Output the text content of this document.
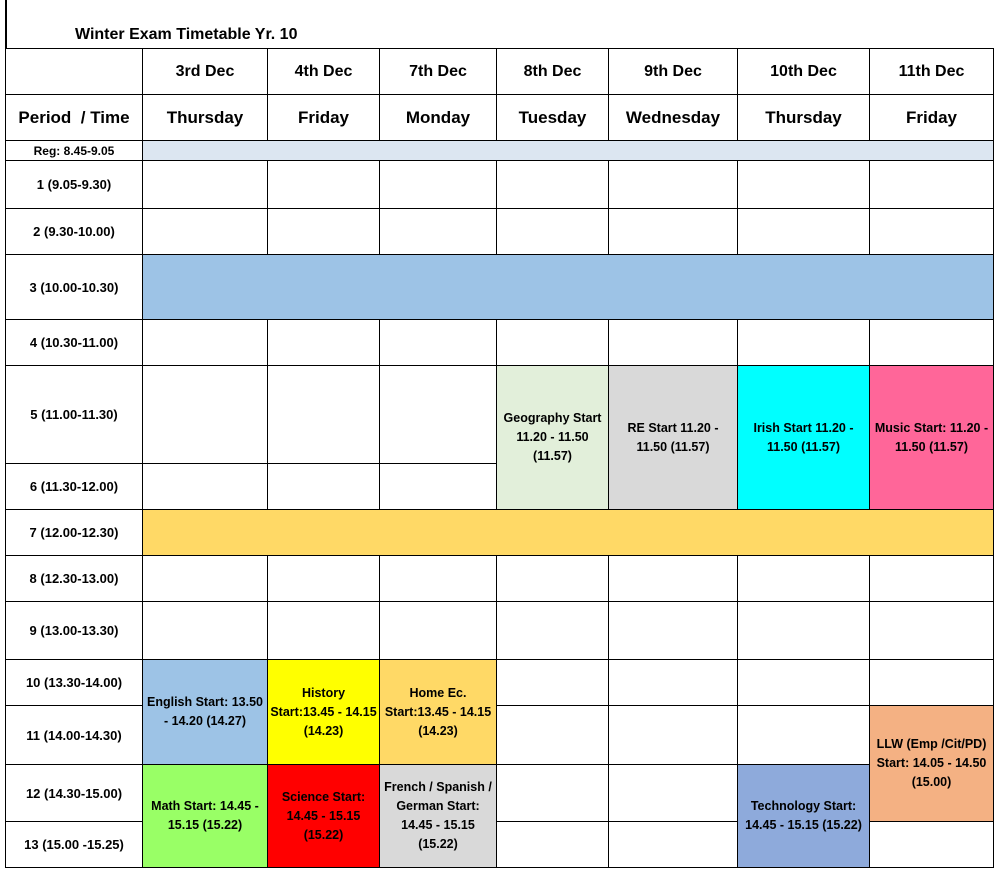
Winter Exam Timetable Yr. 10
	3rd Dec	4th Dec	7th Dec	8th Dec	9th Dec	10th Dec	11th Dec
Period  / Time	Thursday	Friday	Monday	Tuesday	Wednesday	Thursday	Friday
Reg: 8.45-9.05							
1 (9.05-9.30)							
2 (9.30-10.00)							
3 (10.00-10.30)							
4 (10.30-11.00)							
5 (11.00-11.30)				Geography Start 11.20 - 11.50 (11.57)	RE Start 11.20 - 11.50 (11.57)	Irish Start 11.20 - 11.50 (11.57)	Music Start: 11.20 - 11.50 (11.57)
6 (11.30-12.00)							
7 (12.00-12.30)							
8 (12.30-13.00)							
9 (13.00-13.30)							
10 (13.30-14.00)	English Start: 13.50 - 14.20 (14.27)	History Start:13.45 - 14.15 (14.23)	Home Ec. Start:13.45 - 14.15 (14.23)				
11 (14.00-14.30)							LLW (Emp /Cit/PD) Start: 14.05 - 14.50 (15.00)
12 (14.30-15.00)	Math Start: 14.45 - 15.15 (15.22)	Science Start: 14.45 - 15.15 (15.22)	French / Spanish / German Start: 14.45 - 15.15 (15.22)			Technology Start: 14.45 - 15.15 (15.22)	
13 (15.00 -15.25)							
